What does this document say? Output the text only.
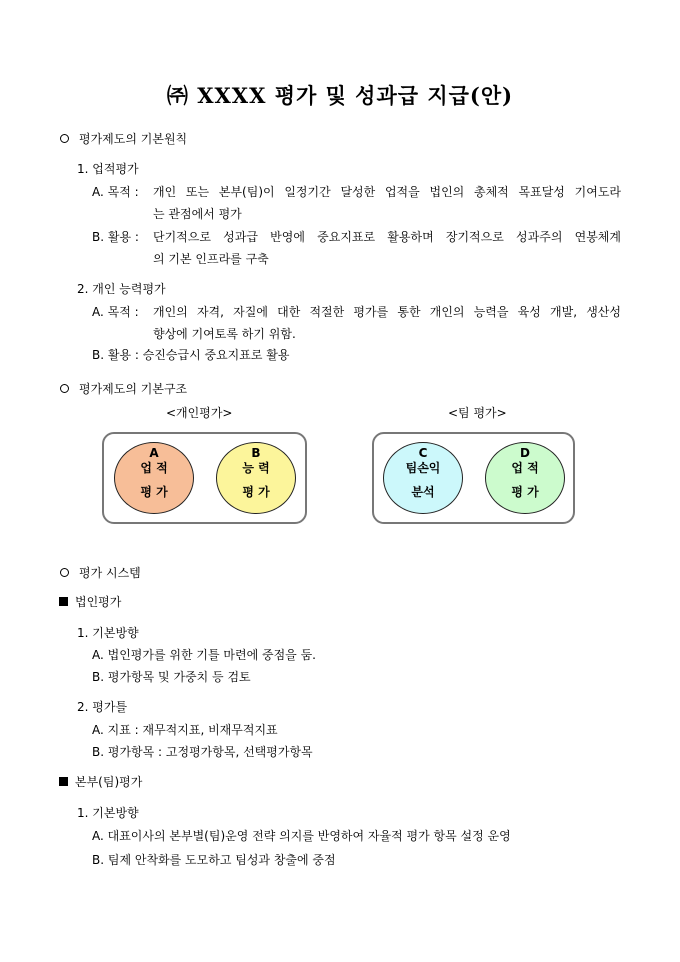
㈜ XXXX 평가 및 성과급 지급(안)
평가제도의 기본원칙
1. 업적평가
A. 목적 : 개인 또는 본부(팀)이 일정기간 달성한 업적을 법인의 총체적 목표달성 기여도라
는 관점에서 평가
B. 활용 : 단기적으로 성과급 반영에 중요지표로 활용하며 장기적으로 성과주의 연봉체계
의 기본 인프라를 구축
2. 개인 능력평가
A. 목적 : 개인의 자격, 자질에 대한 적절한 평가를 통한 개인의 능력을 육성 개발, 생산성
향상에 기여토록 하기 위함.
B. 활용 : 승진승급시 중요지표로 활용
평가제도의 기본구조
<개인평가>	<팀 평가>
A
업 적
평 가
B
능 력
평 가
C
팀손익
분석
D
업 적
평 가
평가 시스템
법인평가
1. 기본방향
A. 법인평가를 위한 기틀 마련에 중점을 둠.
B. 평가항목 및 가중치 등 검토
2. 평가틀
A. 지표 : 재무적지표, 비재무적지표
B. 평가항목 : 고정평가항목, 선택평가항목
본부(팀)평가
1. 기본방향
A. 대표이사의 본부별(팀)운영 전략 의지를 반영하여 자율적 평가 항목 설정 운영
B. 팀제 안착화를 도모하고 팀성과 창출에 중점
